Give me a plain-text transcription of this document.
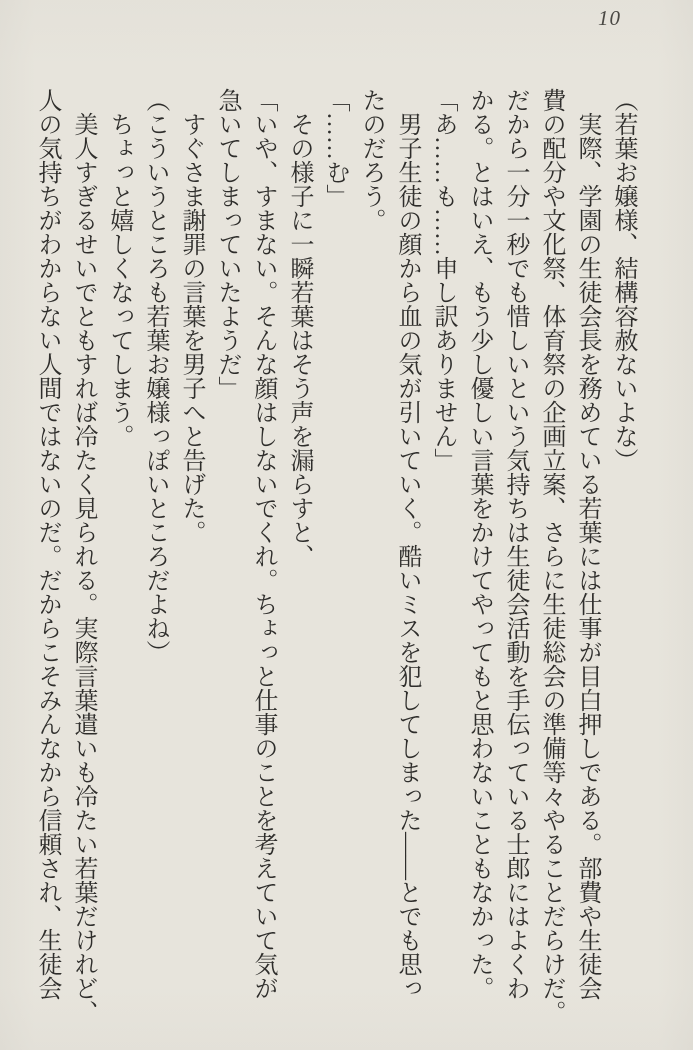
10
（若葉お嬢様、結構容赦ないよな）
　実際、学園の生徒会長を務めている若葉には仕事が目白押しである。部費や生徒会
費の配分や文化祭、体育祭の企画立案、さらに生徒総会の準備等々やることだらけだ。
だから一分一秒でも惜しいという気持ちは生徒会活動を手伝っている士郎にはよくわ
かる。とはいえ、もう少し優しい言葉をかけてやってもと思わないこともなかった。
「あ……も……申し訳ありません」
　男子生徒の顔から血の気が引いていく。酷いミスを犯してしまった――とでも思っ
たのだろう。
「……む」
　その様子に一瞬若葉はそう声を漏らすと、
「いや、すまない。そんな顔はしないでくれ。ちょっと仕事のことを考えていて気が
急いてしまっていたようだ」
　すぐさま謝罪の言葉を男子へと告げた。
（こういうところも若葉お嬢様っぽいところだよね）
　ちょっと嬉しくなってしまう。
　美人すぎるせいでともすれば冷たく見られる。実際言葉遣いも冷たい若葉だけれど、
人の気持ちがわからない人間ではないのだ。だからこそみんなから信頼され、生徒会
